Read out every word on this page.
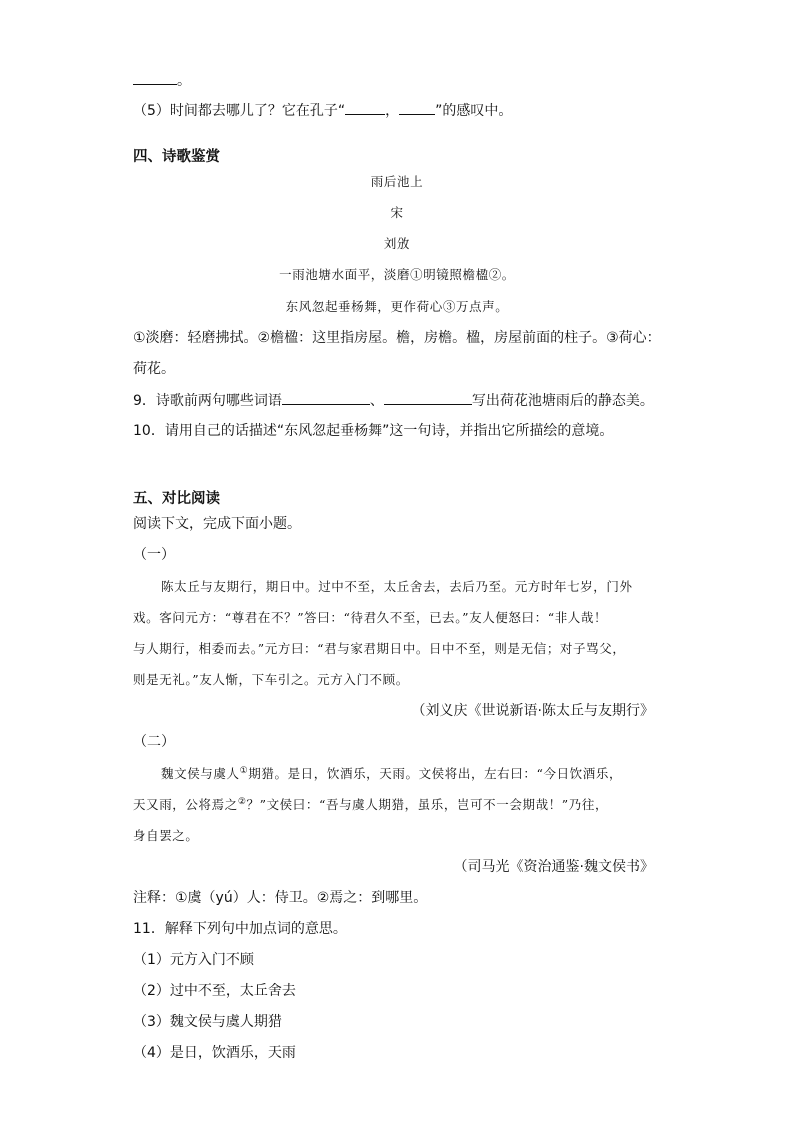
。
（5）时间都去哪儿了？它在孔子“	，	”的感叹中。
四、诗歌鉴赏
雨后池上
宋
刘攽
一雨池塘水面平，淡磨①明镜照檐楹②。
东风忽起垂杨舞，更作荷心③万点声。
①淡磨：轻磨拂拭。②檐楹：这里指房屋。檐，房檐。楹，房屋前面的柱子。③荷心：
荷花。
9．诗歌前两句哪些词语	、	写出荷花池塘雨后的静态美。
10．请用自己的话描述“东风忽起垂杨舞”这一句诗，并指出它所描绘的意境。
五、对比阅读
阅读下文，完成下面小题。
（一）
陈太丘与友期行，期日中。过中不至，太丘舍去，去后乃至。元方时年七岁，门外
戏。客问元方：“尊君在不？”答曰：“待君久不至，已去。”友人便怒曰：“非人哉！
与人期行，相委而去。”元方曰：“君与家君期日中。日中不至，则是无信；对子骂父，
则是无礼。”友人惭，下车引之。元方入门不顾。
（刘义庆《世说新语·陈太丘与友期行》
（二）
魏文侯与虞人①期猎。是日，饮酒乐，天雨。文侯将出，左右曰：“今日饮酒乐，
天又雨，公将焉之②？”文侯曰：“吾与虞人期猎，虽乐，岂可不一会期哉！”乃往，
身自罢之。
（司马光《资治通鉴·魏文侯书》
注释：①虞（yú）人：侍卫。②焉之：到哪里。
11．解释下列句中加点词的意思。
（1）元方入门不顾
（2）过中不至，太丘舍去
（3）魏文侯与虞人期猎
（4）是日，饮酒乐，天雨
